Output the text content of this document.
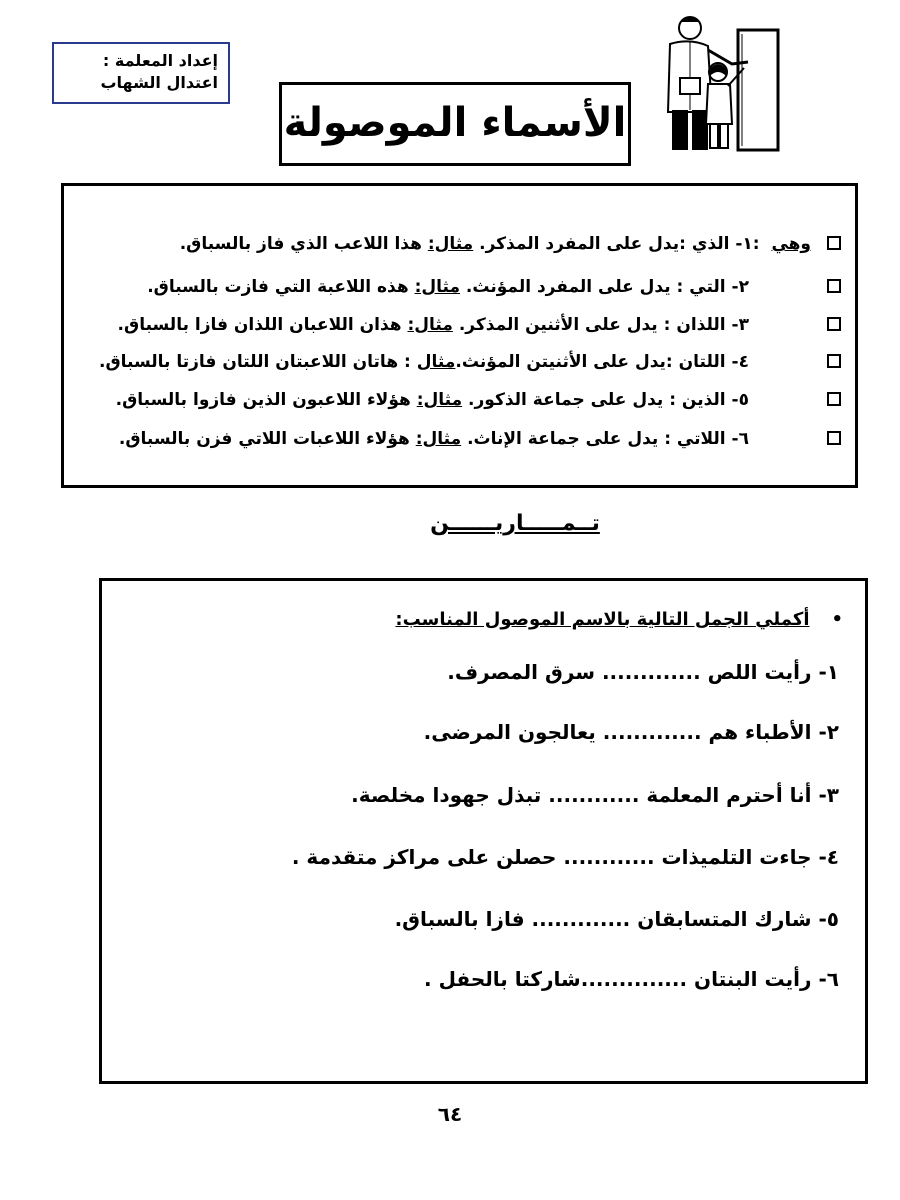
إعداد المعلمة :
اعتدال الشهاب
الأسماء الموصولة
وهي  :١- الذي :يدل على المفرد المذكر. مثال: هذا اللاعب الذي فاز بالسباق.
٢- التي : يدل على المفرد المؤنث. مثال: هذه اللاعبة التي فازت بالسباق.
٣- اللذان : يدل على الأثنين المذكر. مثال: هذان اللاعبان اللذان فازا بالسباق.
٤- اللتان :يدل على الأثنيتن المؤنث.مثال : هاتان اللاعبتان اللتان فازتا بالسباق.
٥- الذين : يدل على جماعة الذكور. مثال: هؤلاء اللاعبون الذين فازوا بالسباق.
٦- اللاتي : يدل على جماعة الإناث. مثال: هؤلاء اللاعبات اللاتي فزن بالسباق.
تــمـــــاريــــــن
•أكملي الجمل التالية بالاسم الموصول المناسب:
١- رأيت اللص ............. سرق المصرف.
٢- الأطباء هم ............. يعالجون المرضى.
٣- أنا أحترم المعلمة ............ تبذل جهودا مخلصة.
٤- جاءت التلميذات ............ حصلن على مراكز متقدمة .
٥- شارك المتسابقان ............. فازا بالسباق.
٦- رأيت البنتان ..............شاركتا بالحفل .
٦٤
